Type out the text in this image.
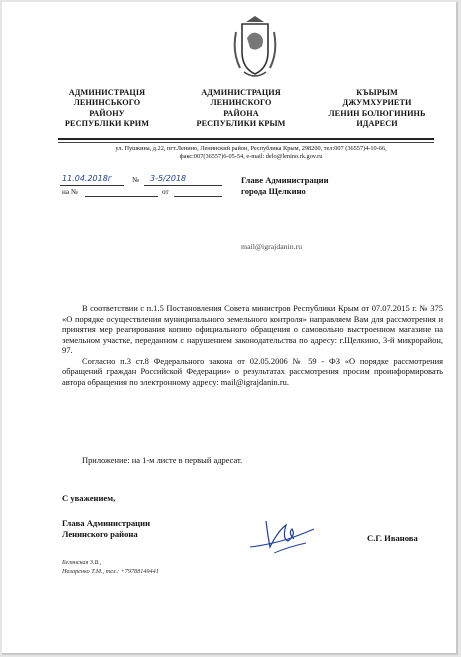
АДМИНИСТРАЦІЯ
ЛЕНИНСЬКОГО
РАЙОНУ
РЕСПУБЛІКИ КРИМ
АДМИНИСТРАЦИЯ
ЛЕНИНСКОГО
РАЙОНА
РЕСПУБЛИКИ КРЫМ
КЪЫРЫМ
ДЖУМХУРИЕТИ
ЛЕНИН БОЛЮГИНИНЬ
ИДАРЕСИ
ул. Пушкина, д.22, пгт.Ленино, Ленинский район, Республика Крым, 298200, тел:007 (36557)4-10-66,
факс:007(36557)6-05-54, e-mail: delo@lenino.rk.gov.ru
11.04.2018г	№ 3-5/2018
на №	от
Главе Администрации
города Щелкино
mail@igrajdanin.ru
В соответствии с п.1.5 Постановления Совета министров Республики Крым от 07.07.2015 г. № 375 «О порядке осуществления муниципального земельного контроля» направляем Вам для рассмотрения и принятия мер реагирования копию официального обращения о самовольно выстроенном магазине на земельном участке, переданном с нарушением законодательства по адресу: г.Щелкино, 3-й микрорайон, 97.
Согласно п.3 ст.8 Федерального закона от 02.05.2006 № 59 - ФЗ «О порядке рассмотрения обращений граждан Российской Федерации» о результатах рассмотрения просим проинформировать автора обращения по электронному адресу: mail@igrajdanin.ru.
Приложение: на 1-м листе в первый адресат.
С уважением,
Глава Администрации
Ленинского района	С.Г. Иванова
Белянская З.В.,
Назаренко Т.М., тел.: +79788149441
